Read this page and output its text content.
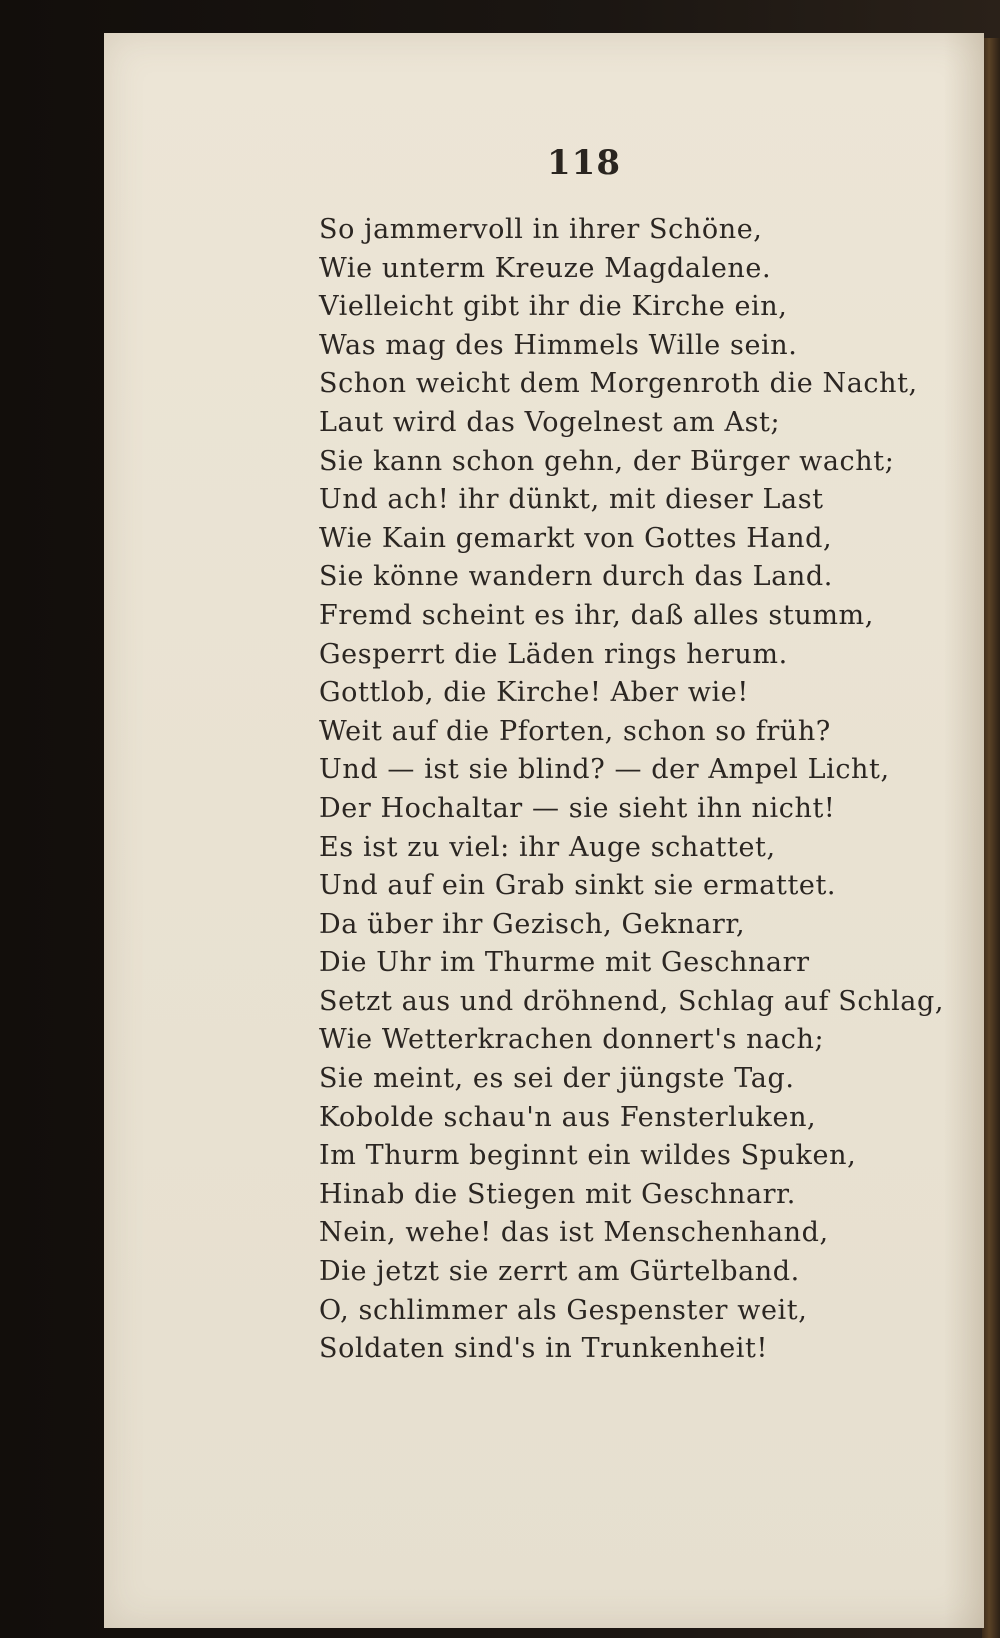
118
So jammervoll in ihrer Schöne,
Wie unterm Kreuze Magdalene.
Vielleicht gibt ihr die Kirche ein,
Was mag des Himmels Wille sein.
Schon weicht dem Morgenroth die Nacht,
Laut wird das Vogelnest am Ast;
Sie kann schon gehn, der Bürger wacht;
Und ach! ihr dünkt, mit dieser Last
Wie Kain gemarkt von Gottes Hand,
Sie könne wandern durch das Land.
Fremd scheint es ihr, daß alles stumm,
Gesperrt die Läden rings herum.
Gottlob, die Kirche! Aber wie!
Weit auf die Pforten, schon so früh?
Und — ist sie blind? — der Ampel Licht,
Der Hochaltar — sie sieht ihn nicht!
Es ist zu viel: ihr Auge schattet,
Und auf ein Grab sinkt sie ermattet.
Da über ihr Gezisch, Geknarr,
Die Uhr im Thurme mit Geschnarr
Setzt aus und dröhnend, Schlag auf Schlag,
Wie Wetterkrachen donnert's nach;
Sie meint, es sei der jüngste Tag.
Kobolde schau'n aus Fensterluken,
Im Thurm beginnt ein wildes Spuken,
Hinab die Stiegen mit Geschnarr.
Nein, wehe! das ist Menschenhand,
Die jetzt sie zerrt am Gürtelband.
O, schlimmer als Gespenster weit,
Soldaten sind's in Trunkenheit!
